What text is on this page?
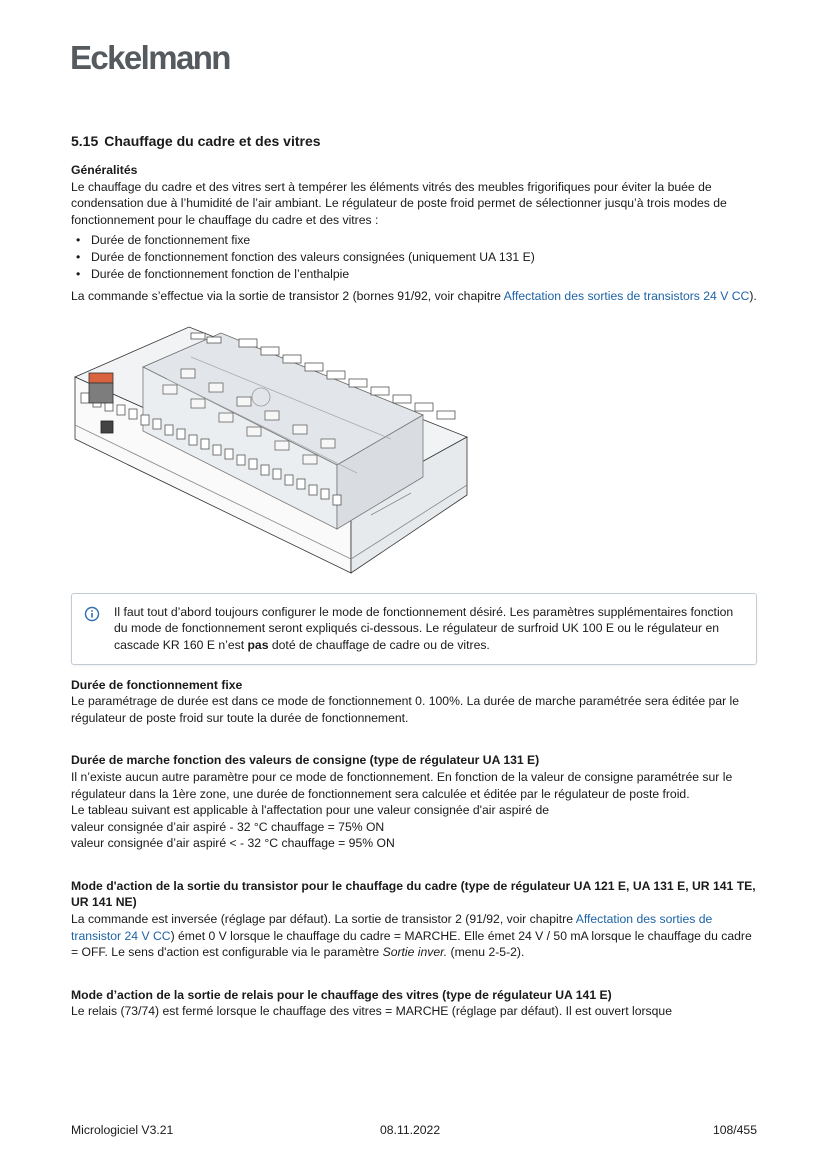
Eckelmann
5.15 Chauffage du cadre et des vitres
Généralités

Le chauffage du cadre et des vitres sert à tempérer les éléments vitrés des meubles frigorifiques pour éviter la buée de condensation due à l’humidité de l’air ambiant. Le régulateur de poste froid permet de sélectionner jusqu’à trois modes de fonctionnement pour le chauffage du cadre et des vitres :

• Durée de fonctionnement fixe
• Durée de fonctionnement fonction des valeurs consignées (uniquement UA 131 E)
• Durée de fonctionnement fonction de l’enthalpie

La commande s’effectue via la sortie de transistor 2 (bornes 91/92, voir chapitre Affectation des sorties de transistors 24 V CC).

Il faut tout d’abord toujours configurer le mode de fonctionnement désiré. Les paramètres supplémentaires fonction du mode de fonctionnement seront expliqués ci-dessous. Le régulateur de surfroid UK 100 E ou le régulateur en cascade KR 160 E n’est pas doté de chauffage de cadre ou de vitres.

Durée de fonctionnement fixe

Le paramétrage de durée est dans ce mode de fonctionnement 0. 100%. La durée de marche paramétrée sera éditée par le régulateur de poste froid sur toute la durée de fonctionnement.

Durée de marche fonction des valeurs de consigne (type de régulateur UA 131 E)

Il n’existe aucun autre paramètre pour ce mode de fonctionnement. En fonction de la valeur de consigne paramétrée sur le régulateur dans la 1ère zone, une durée de fonctionnement sera calculée et éditée par le régulateur de poste froid.

Le tableau suivant est applicable à l'affectation pour une valeur consignée d'air aspiré de

valeur consignée d’air aspiré - 32 °C chauffage = 75% ON

valeur consignée d’air aspiré < - 32 °C chauffage = 95% ON

Mode d'action de la sortie du transistor pour le chauffage du cadre (type de régulateur UA 121 E, UA 131 E, UR 141 TE, UR 141 NE)

La commande est inversée (réglage par défaut). La sortie de transistor 2 (91/92, voir chapitre Affectation des sorties de transistor 24 V CC) émet 0 V lorsque le chauffage du cadre = MARCHE. Elle émet 24 V / 50 mA lorsque le chauffage du cadre = OFF. Le sens d'action est configurable via le paramètre Sortie inver. (menu 2-5-2).

Mode d’action de la sortie de relais pour le chauffage des vitres (type de régulateur UA 141 E)

Le relais (73/74) est fermé lorsque le chauffage des vitres = MARCHE (réglage par défaut). Il est ouvert lorsque

Micrologiciel V3.21	08.11.2022	108/455
